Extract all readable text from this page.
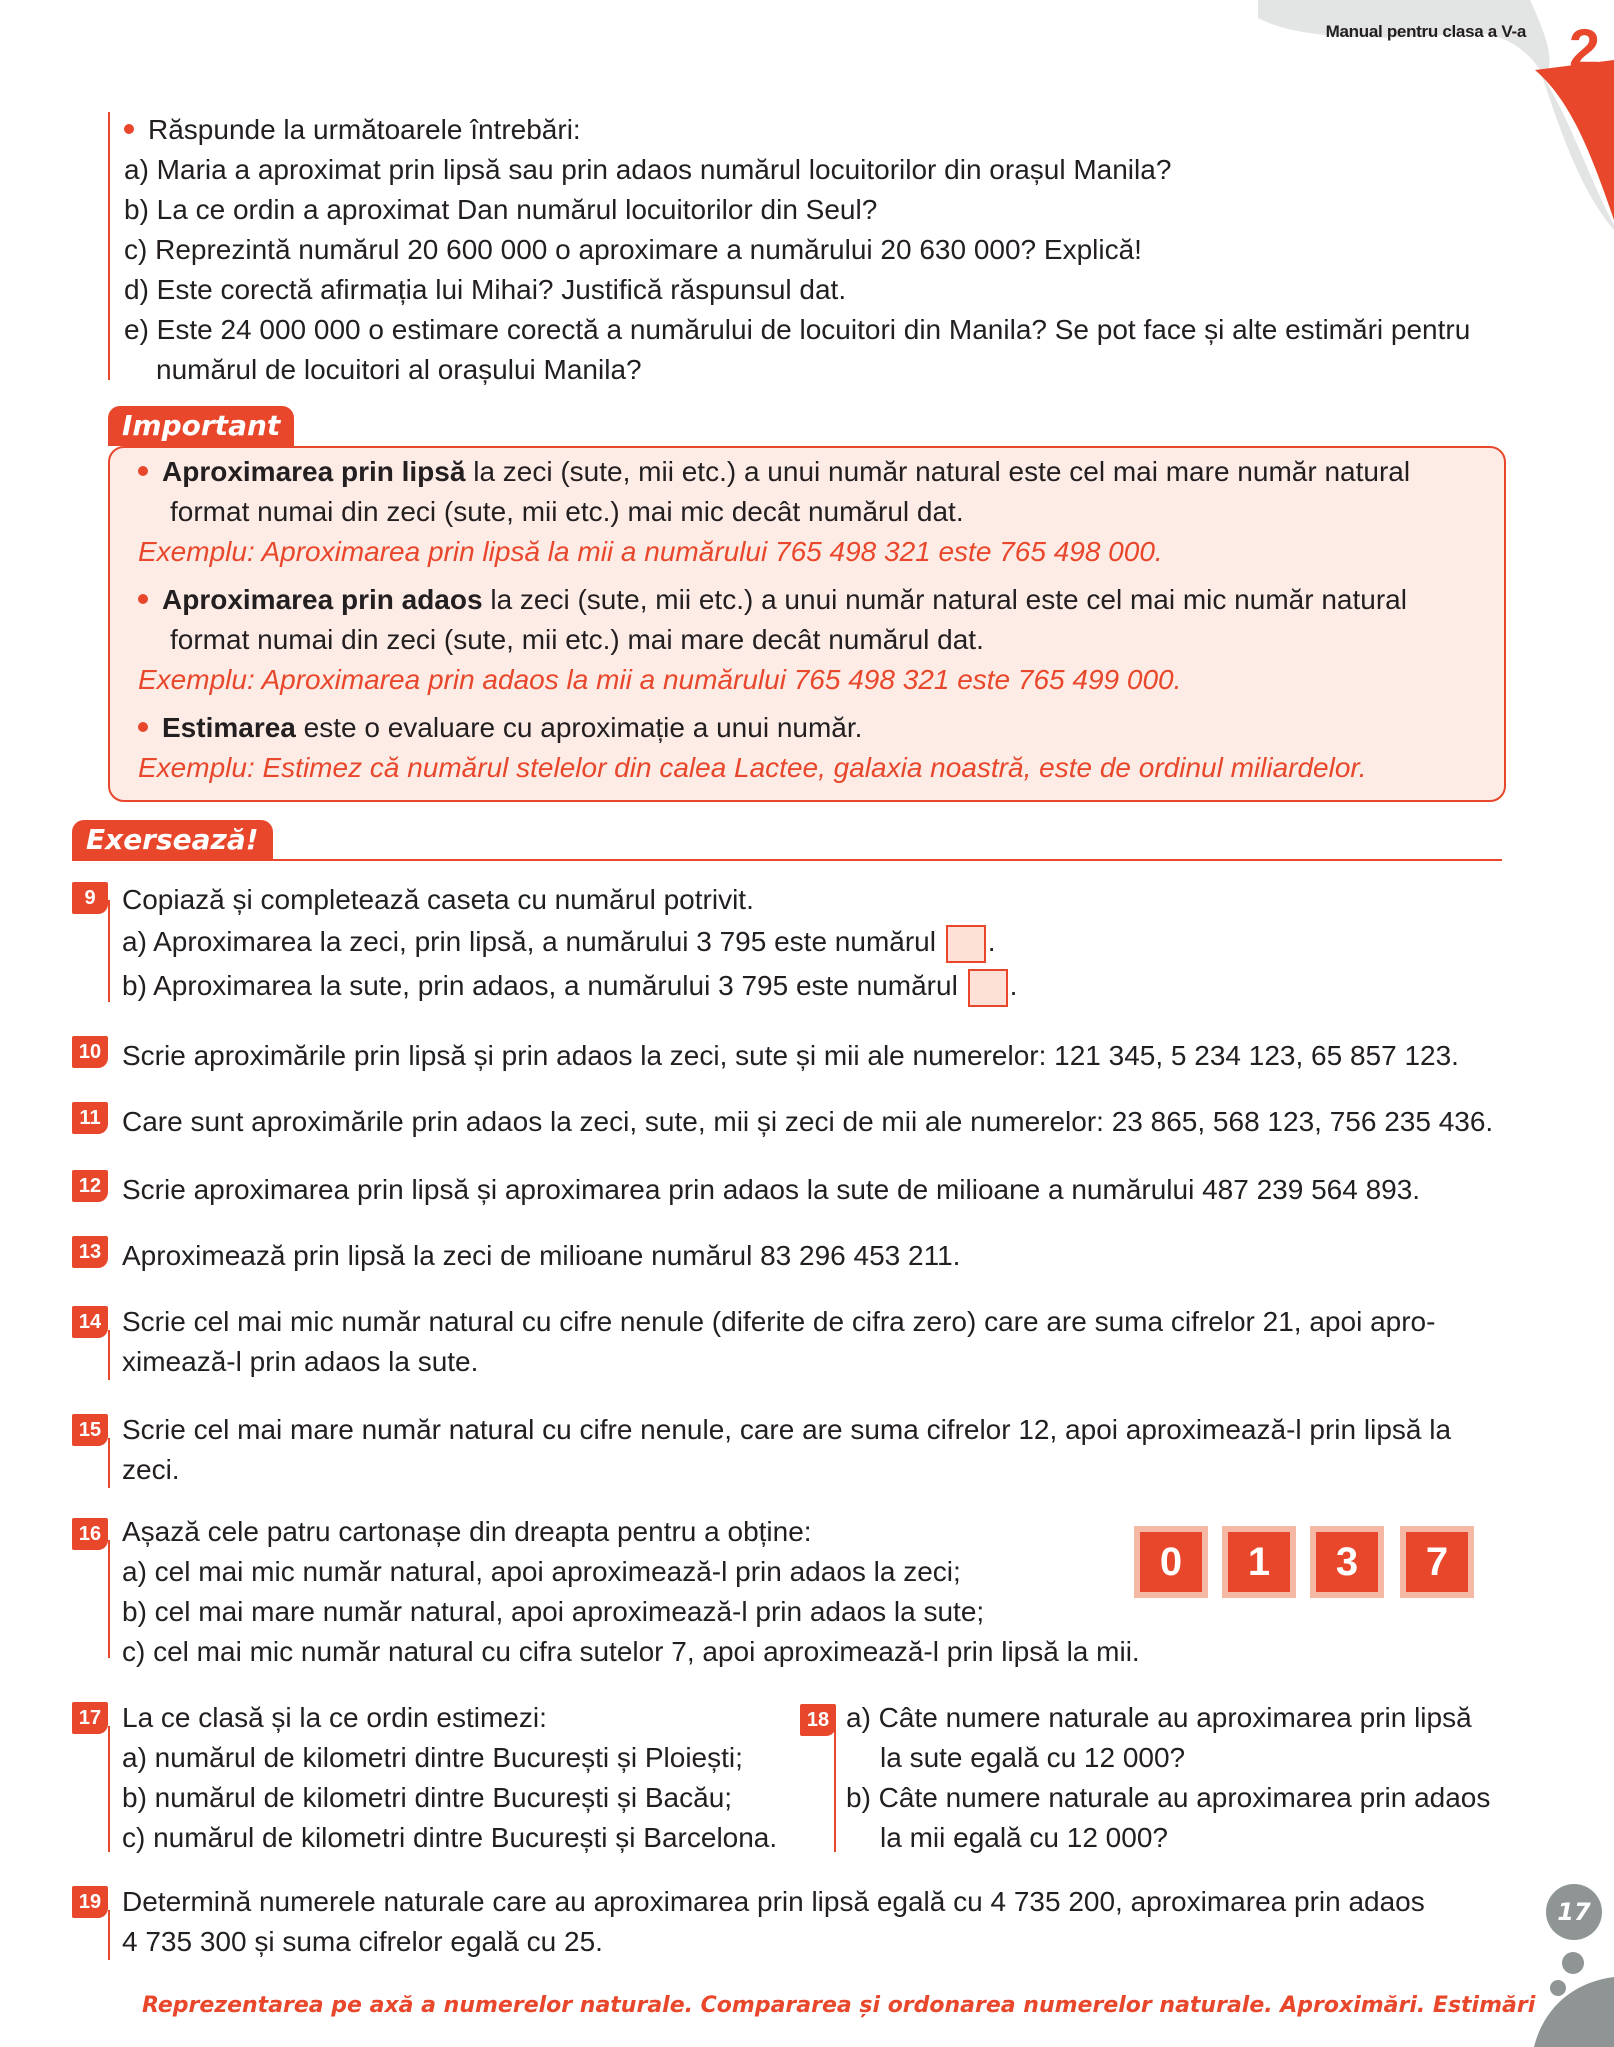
Manual pentru clasa a V-a 2
Răspunde la următoarele întrebări:
a) Maria a aproximat prin lipsă sau prin adaos numărul locuitorilor din orașul Manila?
b) La ce ordin a aproximat Dan numărul locuitorilor din Seul?
c) Reprezintă numărul 20 600 000 o aproximare a numărului 20 630 000? Explică!
d) Este corectă afirmația lui Mihai? Justifică răspunsul dat.
e) Este 24 000 000 o estimare corectă a numărului de locuitori din Manila? Se pot face și alte estimări pentru
numărul de locuitori al orașului Manila?
Important
Aproximarea prin lipsă la zeci (sute, mii etc.) a unui număr natural este cel mai mare număr natural
format numai din zeci (sute, mii etc.) mai mic decât numărul dat.
Exemplu: Aproximarea prin lipsă la mii a numărului 765 498 321 este 765 498 000.
Aproximarea prin adaos la zeci (sute, mii etc.) a unui număr natural este cel mai mic număr natural
format numai din zeci (sute, mii etc.) mai mare decât numărul dat.
Exemplu: Aproximarea prin adaos la mii a numărului 765 498 321 este 765 499 000.
Estimarea este o evaluare cu aproximație a unui număr.
Exemplu: Estimez că numărul stelelor din calea Lactee, galaxia noastră, este de ordinul miliardelor.
Exersează!
9 Copiază și completează caseta cu numărul potrivit.
a) Aproximarea la zeci, prin lipsă, a numărului 3 795 este numărul .
b) Aproximarea la sute, prin adaos, a numărului 3 795 este numărul .
10 Scrie aproximările prin lipsă și prin adaos la zeci, sute și mii ale numerelor: 121 345, 5 234 123, 65 857 123.
11 Care sunt aproximările prin adaos la zeci, sute, mii și zeci de mii ale numerelor: 23 865, 568 123, 756 235 436.
12 Scrie aproximarea prin lipsă și aproximarea prin adaos la sute de milioane a numărului 487 239 564 893.
13 Aproximează prin lipsă la zeci de milioane numărul 83 296 453 211.
14 Scrie cel mai mic număr natural cu cifre nenule (diferite de cifra zero) care are suma cifrelor 21, apoi apro-
ximează-l prin adaos la sute.
15 Scrie cel mai mare număr natural cu cifre nenule, care are suma cifrelor 12, apoi aproximează-l prin lipsă la
zeci.
16 Așază cele patru cartonașe din dreapta pentru a obține:
a) cel mai mic număr natural, apoi aproximează-l prin adaos la zeci;
b) cel mai mare număr natural, apoi aproximează-l prin adaos la sute;
c) cel mai mic număr natural cu cifra sutelor 7, apoi aproximează-l prin lipsă la mii.
0	1	3	7
17 La ce clasă și la ce ordin estimezi:
a) numărul de kilometri dintre București și Ploiești;
b) numărul de kilometri dintre București și Bacău;
c) numărul de kilometri dintre București și Barcelona.
18 a) Câte numere naturale au aproximarea prin lipsă
la sute egală cu 12 000?
b) Câte numere naturale au aproximarea prin adaos
la mii egală cu 12 000?
19 Determină numerele naturale care au aproximarea prin lipsă egală cu 4 735 200, aproximarea prin adaos
4 735 300 și suma cifrelor egală cu 25.
17
Reprezentarea pe axă a numerelor naturale. Compararea și ordonarea numerelor naturale. Aproximări. Estimări
